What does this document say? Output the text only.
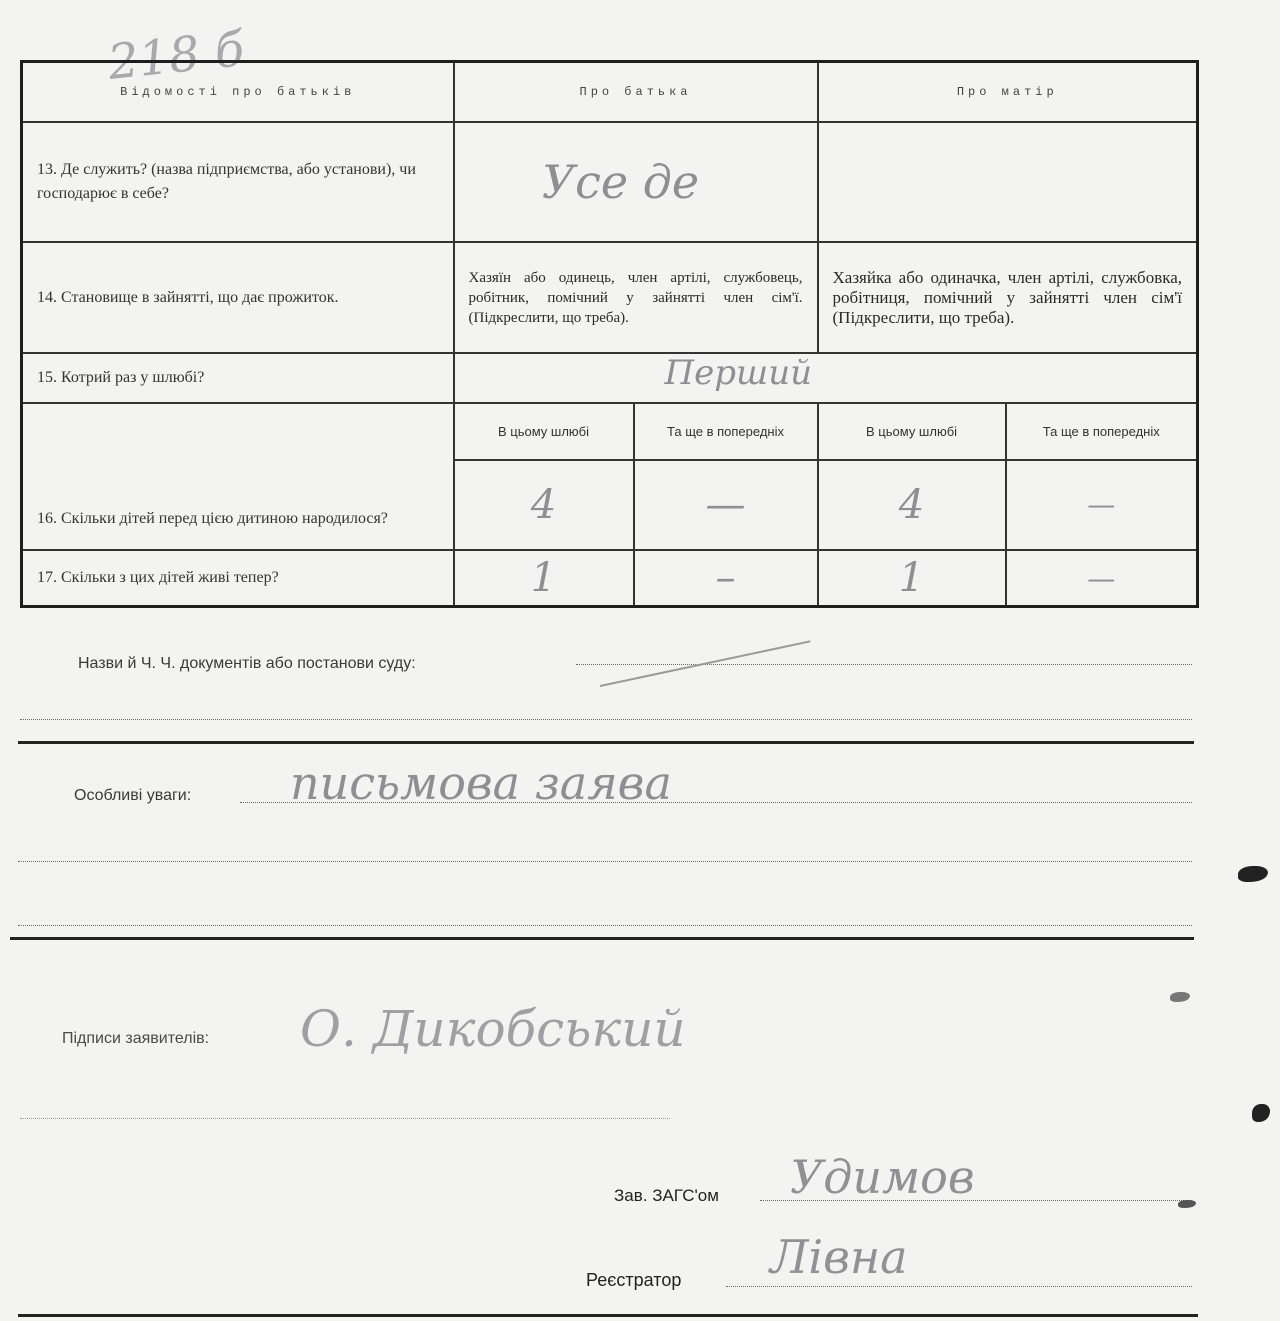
218 б
Відомості про батьків	Про батька		Про матір	
13. Де служить? (назва підприємства, або установи), чи господарює в себе?	Усе де			

14. Становище в зайнятті, що дає прожиток.	Хазяїн або одинець, член артілі, службовець, робітник, помічний у зайнятті член сім'ї. (Підкреслити, що треба).		Хазяйка або одиначка, член артілі, службовка, робітниця, помічний у зайнятті член сім'ї (Підкреслити, що треба).	
15. Котрий раз у шлюбі?	Перший			

16. Скільки дітей перед цією дитиною народилося?	В цьому шлюбі	Та ще в попередніх	В цьому шлюбі	Та ще в попередніх
	4	—	4	—
17. Скільки з цих дітей живі тепер?	1	–	1	—
Назви й Ч. Ч. документів або постанови суду:
Особливі уваги: письмова заява
Підписи заявителів: О. Дикобський
Зав. ЗАГС'ом Удимов
Реєстратор Лівна
